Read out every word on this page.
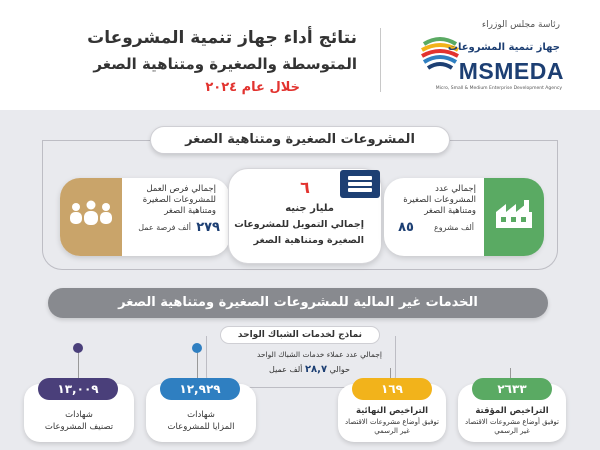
رئاسة مجلس الوزراء
جهاز تنمية المشروعات
MSMEDA
Micro, Small & Medium Enterprise Development Agency
نتائج أداء جهاز تنمية المشروعات
المتوسطة والصغيرة ومتناهية الصغر
خلال عام ٢٠٢٤
المشروعات الصغيرة ومتناهية الصغر
إجمالي فرص العمل للمشروعات الصغيرة ومتناهية الصغر
٢٧٩
ألف فرصة عمل
٦
مليار جنيه
إجمالي التمويل للمشروعات
الصغيرة ومتناهية الصغر
إجمالي عدد المشروعات الصغيرة ومتناهية الصغر
٨٥	ألف مشروع
الخدمات غير المالية للمشروعات الصغيرة ومتناهية الصغر
نماذج لخدمات الشباك الواحد
إجمالي عدد عملاء خدمات الشباك الواحد
حوالي ٢٨,٧ ألف عميل
١٣,٠٠٩
شهادات
تصنيف المشروعات
١٢,٩٢٩
شهادات
المزايا للمشروعات
١٦٩
التراخيص النهائية
توفيق أوضاع مشروعات الاقتصاد غير الرسمي
٢٦٣٣
التراخيص المؤقتة
توفيق أوضاع مشروعات الاقتصاد غير الرسمي
